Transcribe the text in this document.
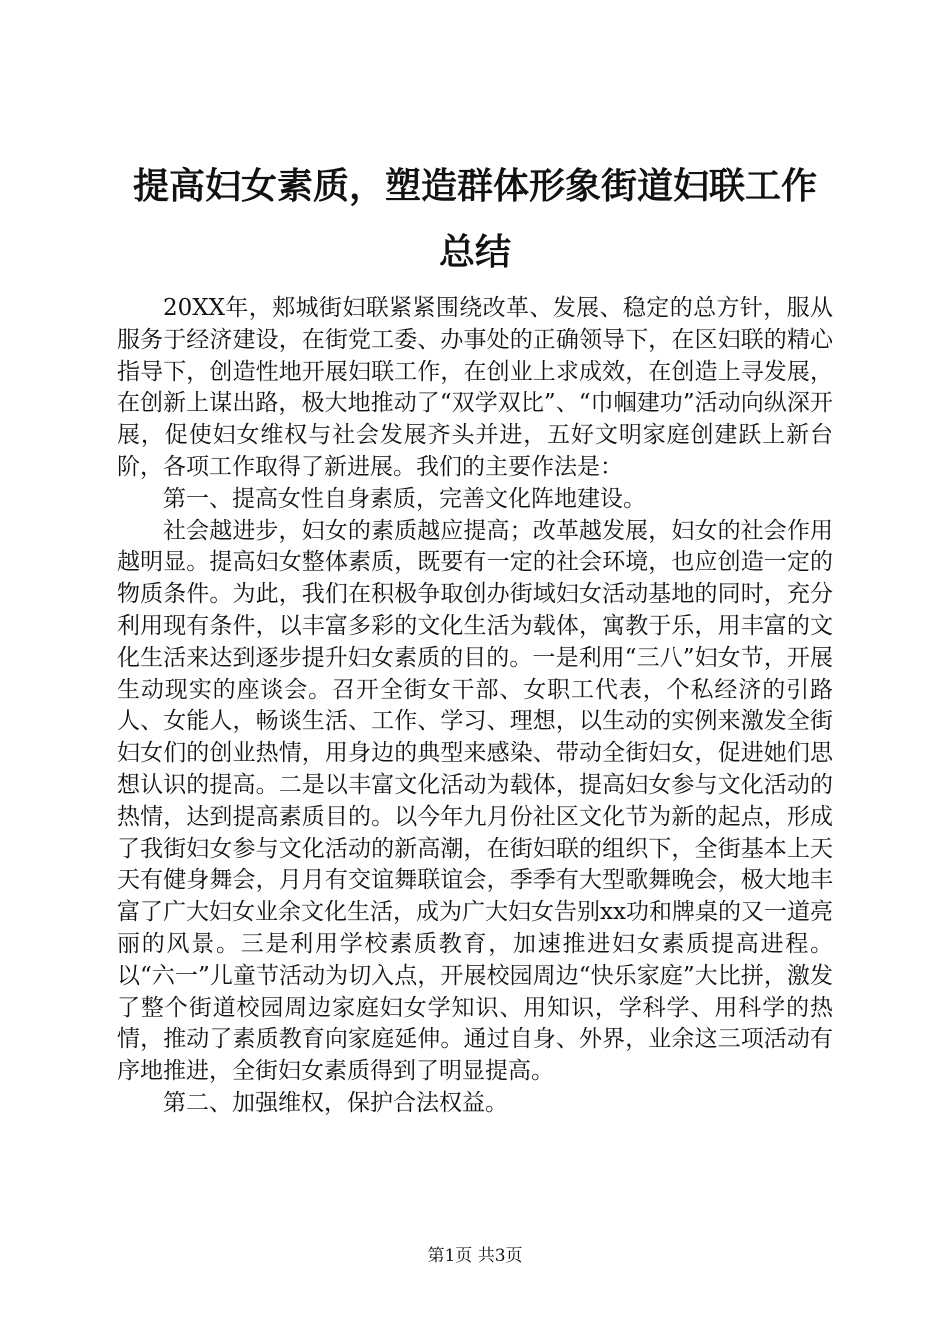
提高妇女素质，塑造群体形象街道妇联工作总结

20XX年，郏城街妇联紧紧围绕改革、发展、稳定的总方针，服从服务于经济建设，在街党工委、办事处的正确领导下，在区妇联的精心指导下，创造性地开展妇联工作，在创业上求成效，在创造上寻发展，在创新上谋出路，极大地推动了“双学双比”、“巾帼建功”活动向纵深开展，促使妇女维权与社会发展齐头并进，五好文明家庭创建跃上新台阶，各项工作取得了新进展。我们的主要作法是：

第一、提高女性自身素质，完善文化阵地建设。

社会越进步，妇女的素质越应提高；改革越发展，妇女的社会作用越明显。提高妇女整体素质，既要有一定的社会环境，也应创造一定的物质条件。为此，我们在积极争取创办街域妇女活动基地的同时，充分利用现有条件，以丰富多彩的文化生活为载体，寓教于乐，用丰富的文化生活来达到逐步提升妇女素质的目的。一是利用“三八”妇女节，开展生动现实的座谈会。召开全街女干部、女职工代表，个私经济的引路人、女能人，畅谈生活、工作、学习、理想，以生动的实例来激发全街妇女们的创业热情，用身边的典型来感染、带动全街妇女，促进她们思想认识的提高。二是以丰富文化活动为载体，提高妇女参与文化活动的热情，达到提高素质目的。以今年九月份社区文化节为新的起点，形成了我街妇女参与文化活动的新高潮，在街妇联的组织下，全街基本上天天有健身舞会，月月有交谊舞联谊会，季季有大型歌舞晚会，极大地丰富了广大妇女业余文化生活，成为广大妇女告别xx功和牌桌的又一道亮丽的风景。三是利用学校素质教育，加速推进妇女素质提高进程。以“六一”儿童节活动为切入点，开展校园周边“快乐家庭”大比拼，激发了整个街道校园周边家庭妇女学知识、用知识，学科学、用科学的热情，推动了素质教育向家庭延伸。通过自身、外界，业余这三项活动有序地推进，全街妇女素质得到了明显提高。

第二、加强维权，保护合法权益。

第1页 共3页
